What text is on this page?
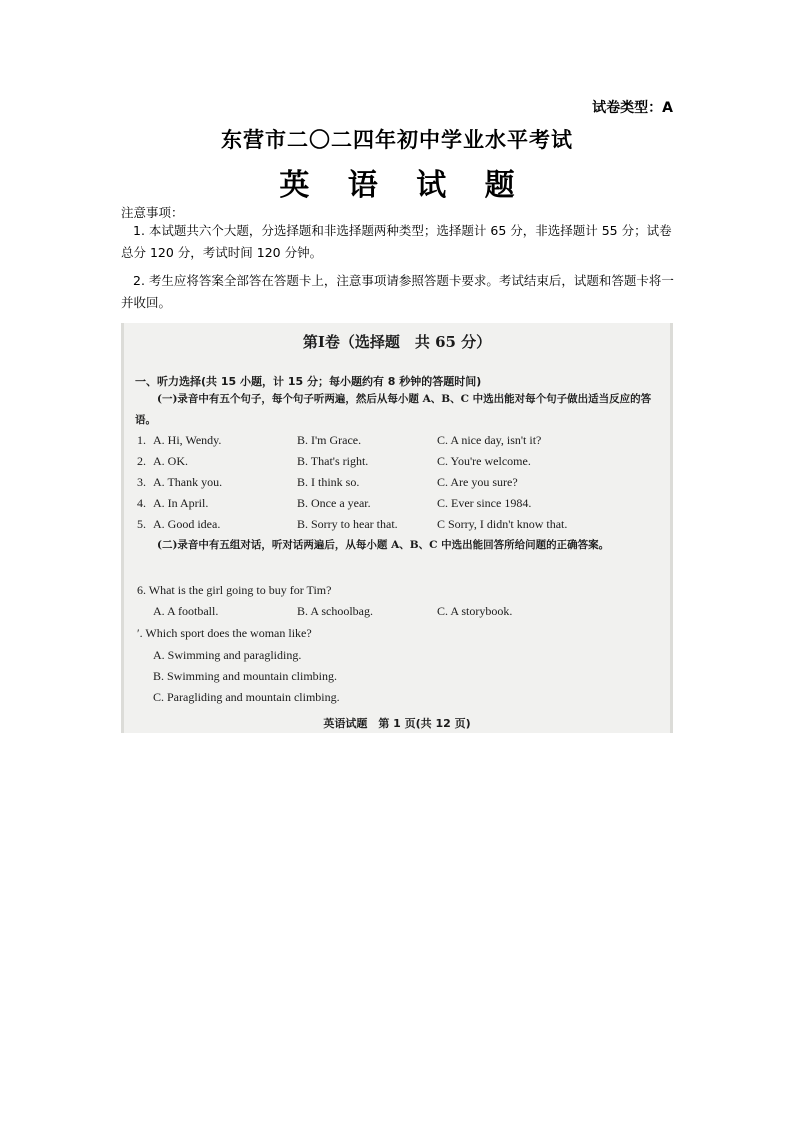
试卷类型：A
东营市二〇二四年初中学业水平考试
英 语 试 题
注意事项：
1. 本试题共六个大题，分选择题和非选择题两种类型；选择题计 65 分，非选择题计 55 分；试卷总分 120 分，考试时间 120 分钟。
2. 考生应将答案全部答在答题卡上，注意事项请参照答题卡要求。考试结束后，试题和答题卡将一并收回。
第Ⅰ卷（选择题　共 65 分）
一、听力选择(共 15 小题，计 15 分；每小题约有 8 秒钟的答题时间)
(一)录音中有五个句子，每个句子听两遍，然后从每小题 A、B、C 中选出能对每个句子做出适当反应的答语。
1. A. Hi, Wendy.	B. I'm Grace.	C. A nice day, isn't it?
2. A. OK.	B. That's right.	C. You're welcome.
3. A. Thank you.	B. I think so.	C. Are you sure?
4. A. In April.	B. Once a year.	C. Ever since 1984.
5. A. Good idea.	B. Sorry to hear that.	C Sorry, I didn't know that.
(二)录音中有五组对话，听对话两遍后，从每小题 A、B、C 中选出能回答所给问题的正确答案。
6. What is the girl going to buy for Tim?
A. A football.	B. A schoolbag.	C. A storybook.
′. Which sport does the woman like?
A. Swimming and paragliding.
B. Swimming and mountain climbing.
C. Paragliding and mountain climbing.
英语试题　第 1 页(共 12 页)
